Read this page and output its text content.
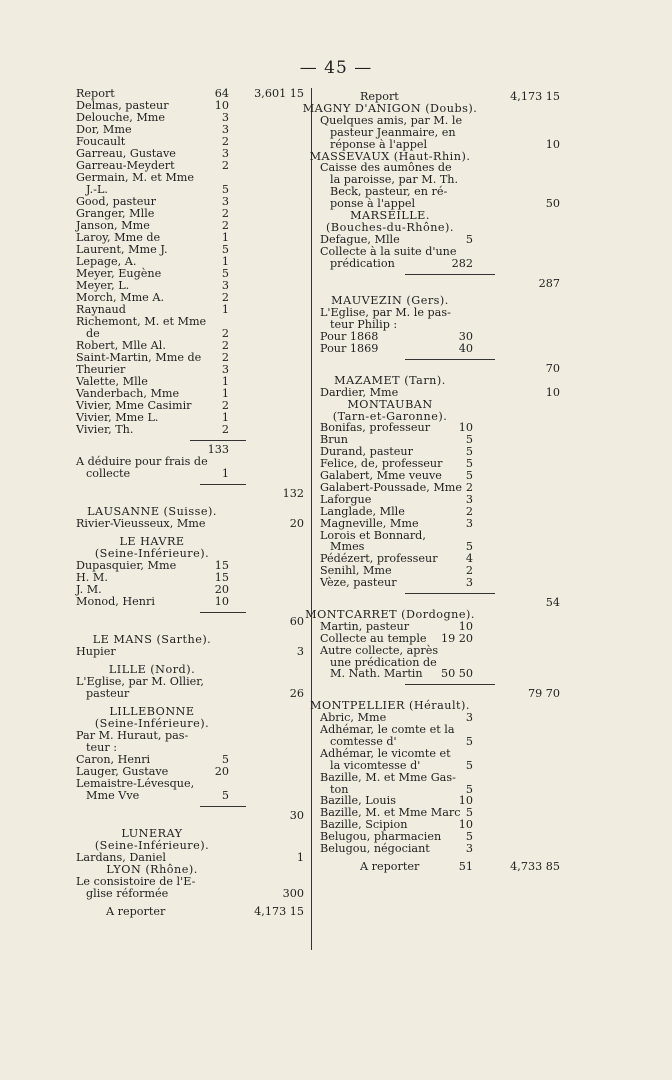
— 45 —
Report	64	3,601 15
Delmas, pasteur	10
Delouche, Mme	3
Dor, Mme	3
Foucault	2
Garreau, Gustave	3
Garreau-Meydert	2
Germain, M. et Mme
J.-L.	5
Good, pasteur	3
Granger, Mlle	2
Janson, Mme	2
Laroy, Mme de	1
Laurent, Mme J.	5
Lepage, A.	1
Meyer, Eugène	5
Meyer, L.	3
Morch, Mme A.	2
Raynaud	1
Richemont, M. et Mme
de	2
Robert, Mlle Al.	2
Saint-Martin, Mme de	2
Theurier	3
Valette, Mlle	1
Vanderbach, Mme	1
Vivier, Mme Casimir	2
Vivier, Mme L.	1
Vivier, Th.	2
133
A déduire pour frais de
collecte	1
132
LAUSANNE (Suisse).
Rivier-Vieusseux, Mme	20
LE HAVRE
(Seine-Inférieure).
Dupasquier, Mme	15
H. M.	15
J. M.	20
Monod, Henri	10
60
LE MANS (Sarthe).
Hupier	3
LILLE (Nord).
L'Eglise, par M. Ollier,
pasteur	26
LILLEBONNE
(Seine-Inférieure).
Par M. Huraut, pas-
teur :
Caron, Henri	5
Lauger, Gustave	20
Lemaistre-Lévesque,
Mme Vve	5
30
LUNERAY
(Seine-Inférieure).
Lardans, Daniel	1
LYON (Rhône).
Le consistoire de l'E-
glise réformée	300
A reporter	4,173 15
Report	4,173 15
MAGNY D'ANIGON (Doubs).
Quelques amis, par M. le
pasteur Jeanmaire, en
réponse à l'appel	10
MASSEVAUX (Haut-Rhin).
Caisse des aumônes de
la paroisse, par M. Th.
Beck, pasteur, en ré-
ponse à l'appel	50
MARSEILLE.
(Bouches-du-Rhône).
Defague, Mlle	5
Collecte à la suite d'une
prédication	282
287
MAUVEZIN (Gers).
L'Eglise, par M. le pas-
teur Philip :
Pour 1868	30
Pour 1869	40
70
MAZAMET (Tarn).
Dardier, Mme	10
MONTAUBAN
(Tarn-et-Garonne).
Bonifas, professeur	10
Brun	5
Durand, pasteur	5
Felice, de, professeur	5
Galabert, Mme veuve	5
Galabert-Poussade, Mme 2
Laforgue	3
Langlade, Mlle	2
Magneville, Mme	3
Lorois et Bonnard,
Mmes	5
Pédézert, professeur	4
Senihl, Mme	2
Vèze, pasteur	3
54
MONTCARRET (Dordogne).
Martin, pasteur	10
Collecte au temple	19 20
Autre collecte, après
une prédication de
M. Nath. Martin	50 50
79 70
MONTPELLIER (Hérault).
Abric, Mme	3
Adhémar, le comte et la
comtesse d'	5
Adhémar, le vicomte et
la vicomtesse d'	5
Bazille, M. et Mme Gas-
ton	5
Bazille, Louis	10
Bazille, M. et Mme Marc 5
Bazille, Scipion	10
Belugou, pharmacien	5
Belugou, négociant	3
A reporter	51	4,733 85
